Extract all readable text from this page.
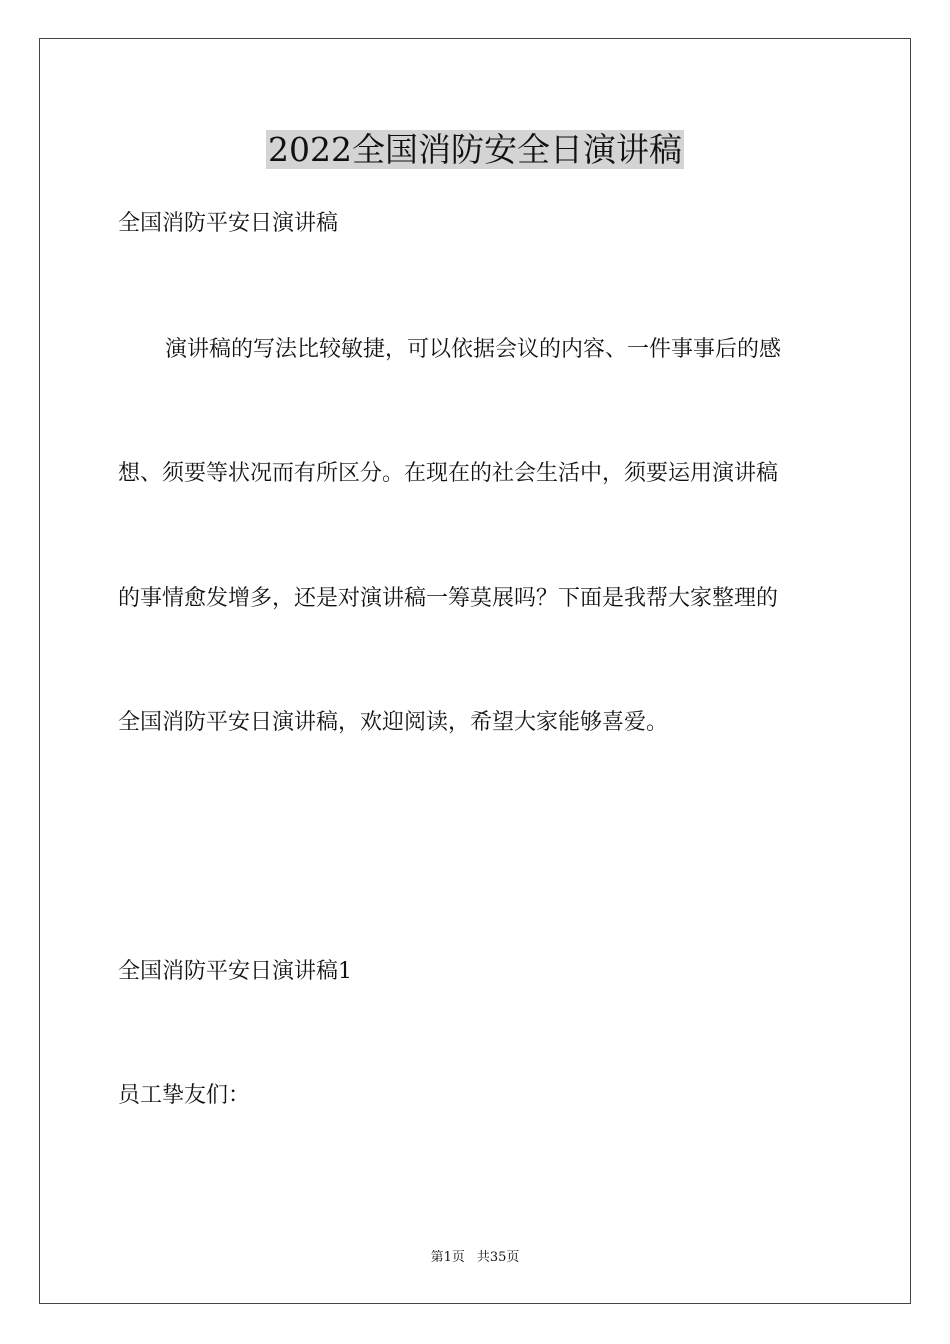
2022全国消防安全日演讲稿
全国消防平安日演讲稿
演讲稿的写法比较敏捷，可以依据会议的内容、一件事事后的感
想、须要等状况而有所区分。在现在的社会生活中，须要运用演讲稿
的事情愈发增多，还是对演讲稿一筹莫展吗？下面是我帮大家整理的
全国消防平安日演讲稿，欢迎阅读，希望大家能够喜爱。
全国消防平安日演讲稿1
员工挚友们：
第1页 共35页
